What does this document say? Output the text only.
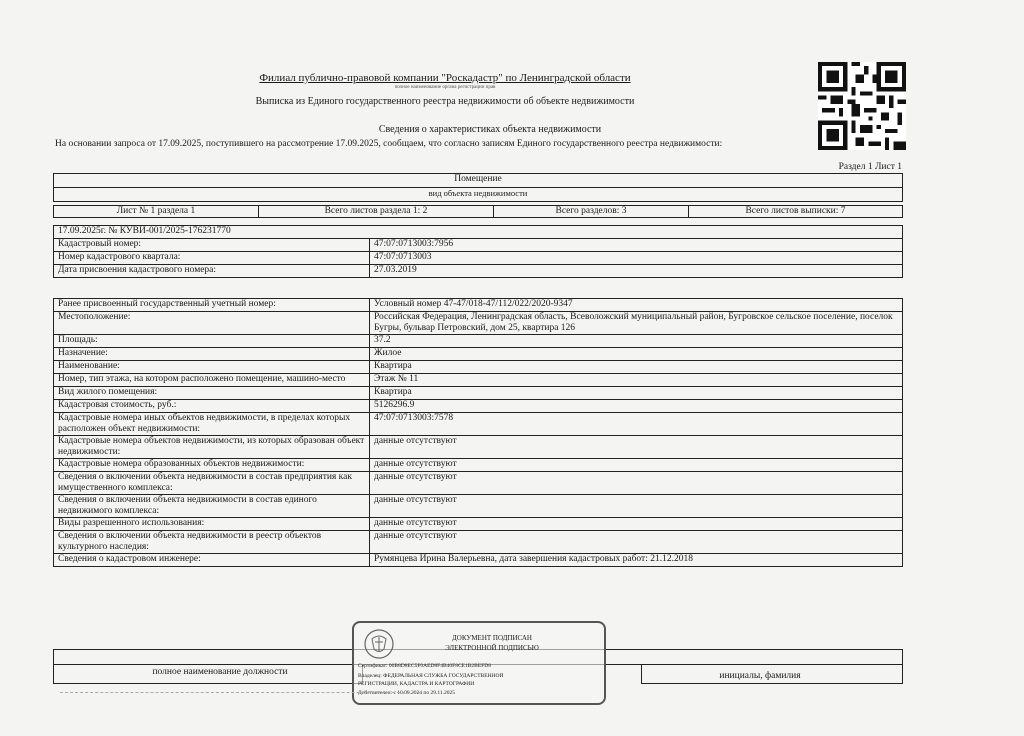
Филиал публично-правовой компании "Роскадастр" по Ленинградской области
полное наименование органа регистрации прав
Выписка из Единого государственного реестра недвижимости об объекте недвижимости
Сведения о характеристиках объекта недвижимости
На основании запроса от 17.09.2025, поступившего на рассмотрение 17.09.2025, сообщаем, что согласно записям Единого государственного реестра недвижимости:
Раздел 1 Лист 1
Помещение
вид объекта недвижимости
Лист № 1 раздела 1	Всего листов раздела 1: 2	Всего разделов: 3	Всего листов выписки: 7
17.09.2025г. № КУВИ-001/2025-176231770	
Кадастровый номер:	47:07:0713003:7956
Номер кадастрового квартала:	47:07:0713003
Дата присвоения кадастрового номера:	27.03.2019
Ранее присвоенный государственный учетный номер:	Условный номер 47-47/018-47/112/022/2020-9347
Местоположение:	Российская Федерация, Ленинградская область, Всеволожский муниципальный район, Бугровское сельское поселение, поселок Бугры, бульвар Петровский, дом 25, квартира 126
Площадь:	37.2
Назначение:	Жилое
Наименование:	Квартира
Номер, тип этажа, на котором расположено помещение, машино-место	Этаж № 11
Вид жилого помещения:	Квартира
Кадастровая стоимость, руб.:	5126296.9
Кадастровые номера иных объектов недвижимости, в пределах которых расположен объект недвижимости:	47:07:0713003:7578
Кадастровые номера объектов недвижимости, из которых образован объект недвижимости:	данные отсутствуют
Кадастровые номера образованных объектов недвижимости:	данные отсутствуют
Сведения о включении объекта недвижимости в состав предприятия как имущественного комплекса:	данные отсутствуют
Сведения о включении объекта недвижимости в состав единого недвижимого комплекса:	данные отсутствуют
Виды разрешенного использования:	данные отсутствуют
Сведения о включении объекта недвижимости в реестр объектов культурного наследия:	данные отсутствуют
Сведения о кадастровом инженере:	Румянцева Ирина Валерьевна, дата завершения кадастровых работ: 21.12.2018

полное наименование должности	инициалы, фамилия
ДОКУМЕНТ ПОДПИСАН
ЭЛЕКТРОННОЙ ПОДПИСЬЮ
Сертификат: 00B8D8EC5F0AED8F4B40F8CE1B2BEFD8
Владелец: ФЕДЕРАЛЬНАЯ СЛУЖБА ГОСУДАРСТВЕННОЙ
РЕГИСТРАЦИИ, КАДАСТРА И КАРТОГРАФИИ
Действителен: с 10.09.2024 по 29.11.2025
